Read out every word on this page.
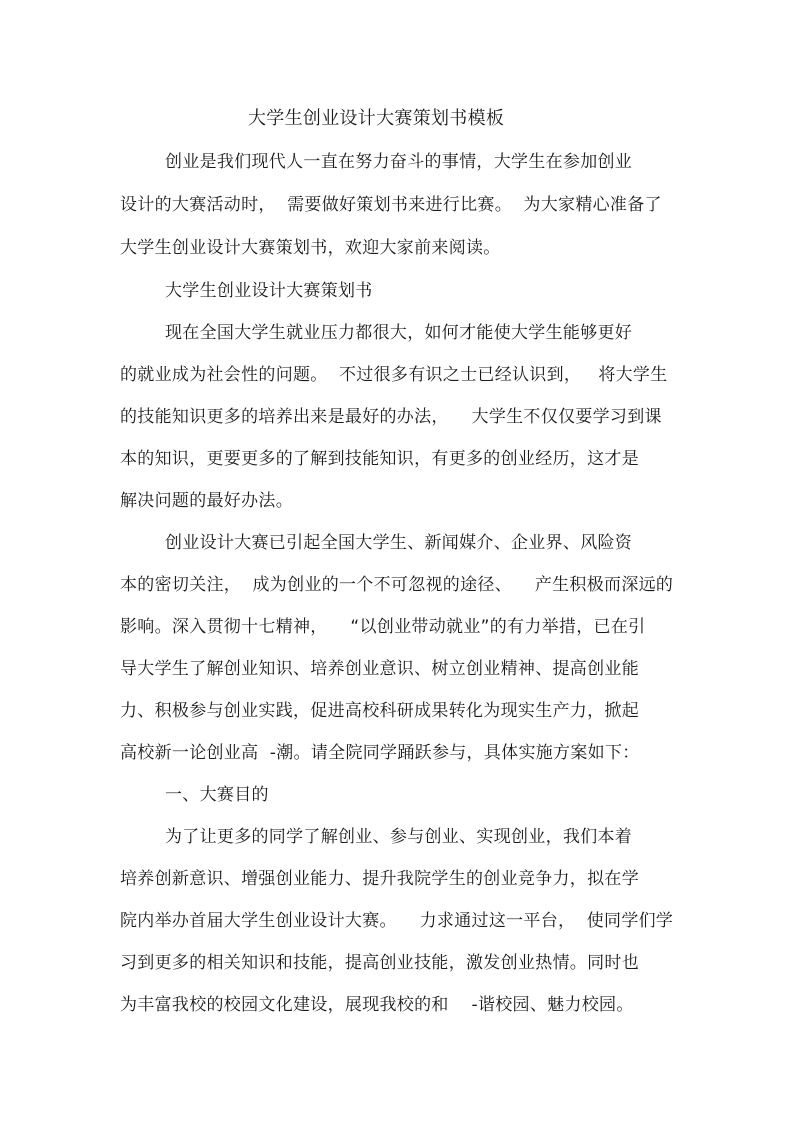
大学生创业设计大赛策划书模板
创业是我们现代人一直在努力奋斗的事情，大学生在参加创业
设计的大赛活动时，  需要做好策划书来进行比赛。  为大家精心准备了
大学生创业设计大赛策划书，欢迎大家前来阅读。
大学生创业设计大赛策划书
现在全国大学生就业压力都很大，如何才能使大学生能够更好
的就业成为社会性的问题。  不过很多有识之士已经认识到，   将大学生
的技能知识更多的培养出来是最好的办法，    大学生不仅仅要学习到课
本的知识，更要更多的了解到技能知识，有更多的创业经历，这才是
解决问题的最好办法。
创业设计大赛已引起全国大学生、新闻媒介、企业界、风险资
本的密切关注，  成为创业的一个不可忽视的途径、    产生积极而深远的
影响。深入贯彻十七精神，    “以创业带动就业”的有力举措，已在引
导大学生了解创业知识、培养创业意识、树立创业精神、提高创业能
力、积极参与创业实践，促进高校科研成果转化为现实生产力，掀起
高校新一论创业高  -潮。请全院同学踊跃参与，具体实施方案如下：
一、大赛目的
为了让更多的同学了解创业、参与创业、实现创业，我们本着
培养创新意识、增强创业能力、提升我院学生的创业竞争力，拟在学
院内举办首届大学生创业设计大赛。    力求通过这一平台，  使同学们学
习到更多的相关知识和技能，提高创业技能，激发创业热情。同时也
为丰富我校的校园文化建设，展现我校的和    -谐校园、魅力校园。
